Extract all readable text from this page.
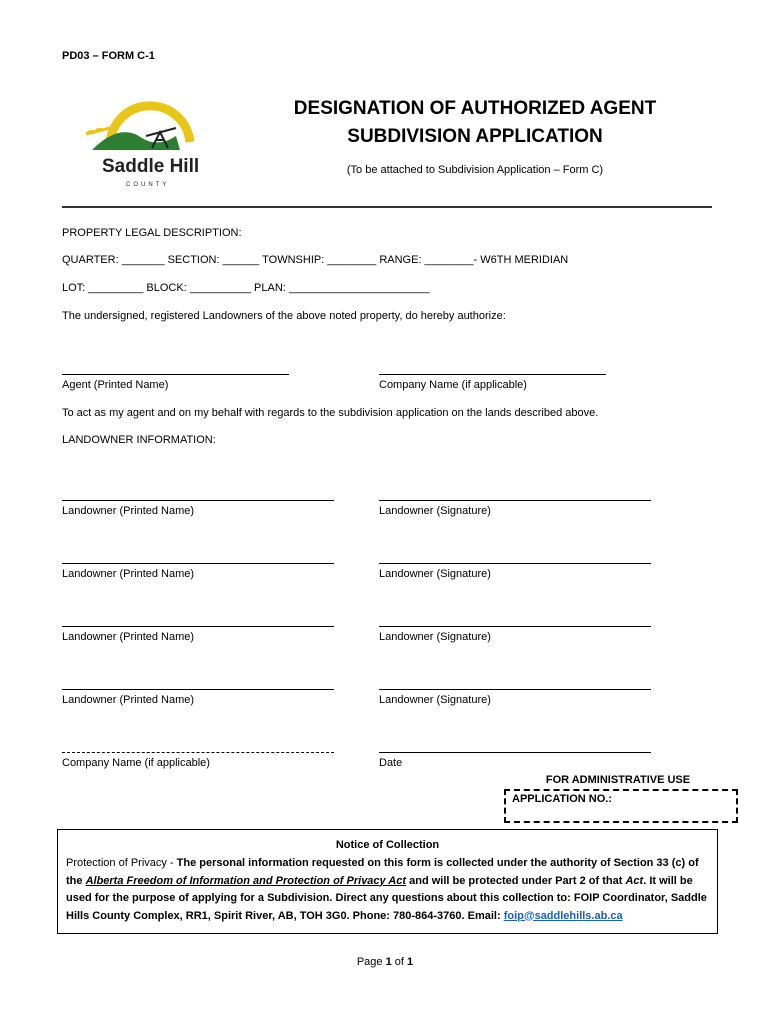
PD03 – FORM C-1
Saddle Hills
COUNTY
DESIGNATION OF AUTHORIZED AGENT
SUBDIVISION APPLICATION
(To be attached to Subdivision Application – Form C)
PROPERTY LEGAL DESCRIPTION:
QUARTER: _______ SECTION: ______ TOWNSHIP: ________ RANGE: ________- W6TH MERIDIAN
LOT: _________ BLOCK: __________ PLAN: _______________________
The undersigned, registered Landowners of the above noted property, do hereby authorize:
Agent (Printed Name)	Company Name (if applicable)
To act as my agent and on my behalf with regards to the subdivision application on the lands described above.
LANDOWNER INFORMATION:
Landowner (Printed Name)	Landowner (Signature)
Landowner (Printed Name)	Landowner (Signature)
Landowner (Printed Name)	Landowner (Signature)
Landowner (Printed Name)	Landowner (Signature)
Company Name (if applicable)	Date
FOR ADMINISTRATIVE USE
APPLICATION NO.:
Notice of Collection
Protection of Privacy - The personal information requested on this form is collected under the authority of Section 33 (c) of the Alberta Freedom of Information and Protection of Privacy Act and will be protected under Part 2 of that Act. It will be used for the purpose of applying for a Subdivision. Direct any questions about this collection to: FOIP Coordinator, Saddle Hills County Complex, RR1, Spirit River, AB, TOH 3G0. Phone: 780-864-3760. Email: foip@saddlehills.ab.ca
Page 1 of 1
